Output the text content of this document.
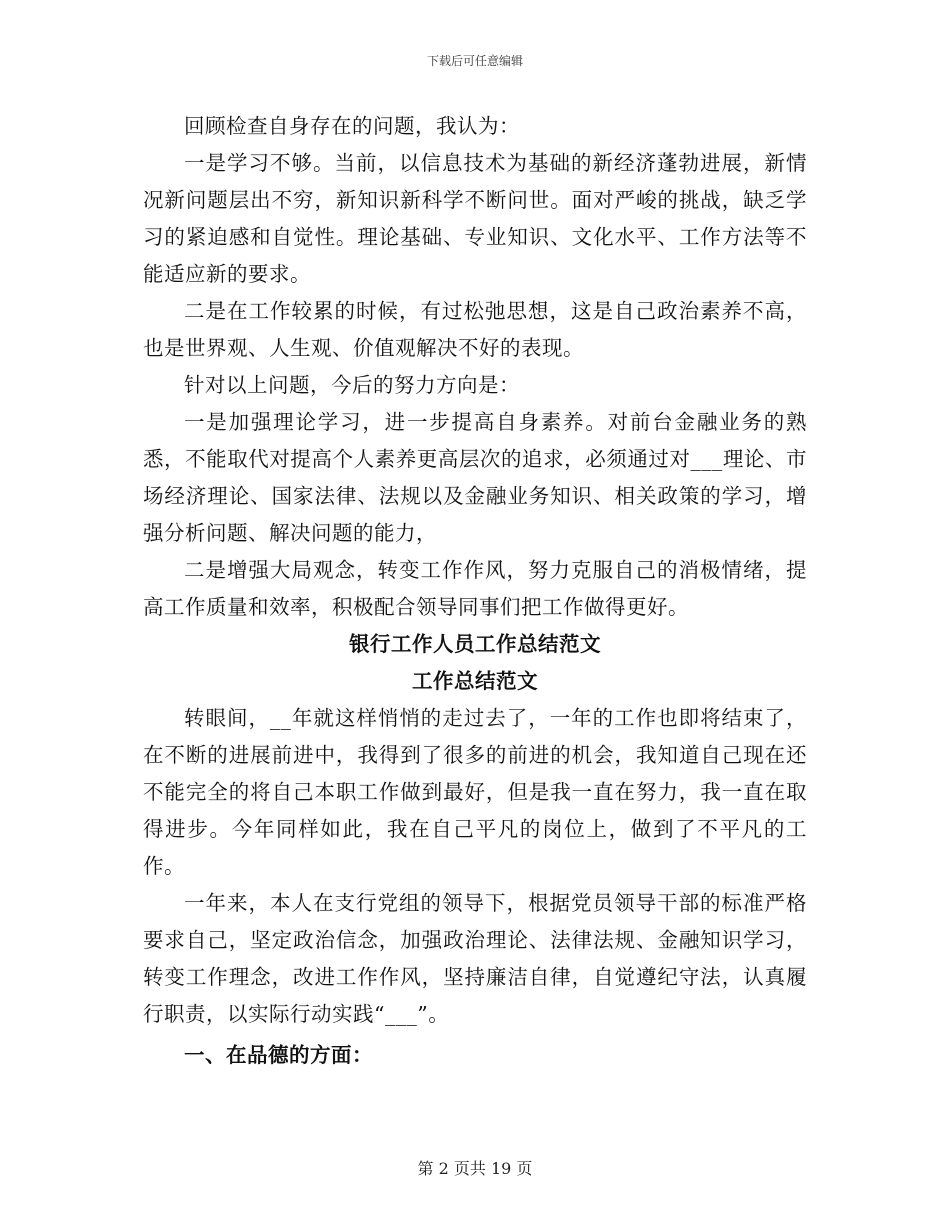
下载后可任意编辑

回顾检查自身存在的问题，我认为：

一是学习不够。当前，以信息技术为基础的新经济蓬勃进展，新情况新问题层出不穷，新知识新科学不断问世。面对严峻的挑战，缺乏学习的紧迫感和自觉性。理论基础、专业知识、文化水平、工作方法等不能适应新的要求。

二是在工作较累的时候，有过松弛思想，这是自己政治素养不高，也是世界观、人生观、价值观解决不好的表现。

针对以上问题，今后的努力方向是：

一是加强理论学习，进一步提高自身素养。对前台金融业务的熟悉，不能取代对提高个人素养更高层次的追求，必须通过对___理论、市场经济理论、国家法律、法规以及金融业务知识、相关政策的学习，增强分析问题、解决问题的能力，

二是增强大局观念，转变工作作风，努力克服自己的消极情绪，提高工作质量和效率，积极配合领导同事们把工作做得更好。

银行工作人员工作总结范文

工作总结范文

转眼间，__年就这样悄悄的走过去了，一年的工作也即将结束了，在不断的进展前进中，我得到了很多的前进的机会，我知道自己现在还不能完全的将自己本职工作做到最好，但是我一直在努力，我一直在取得进步。今年同样如此，我在自己平凡的岗位上，做到了不平凡的工作。

一年来，本人在支行党组的领导下，根据党员领导干部的标准严格要求自己，坚定政治信念，加强政治理论、法律法规、金融知识学习，转变工作理念，改进工作作风，坚持廉洁自律，自觉遵纪守法，认真履行职责，以实际行动实践“___”。

一、在品德的方面：

第 2 页共 19 页
